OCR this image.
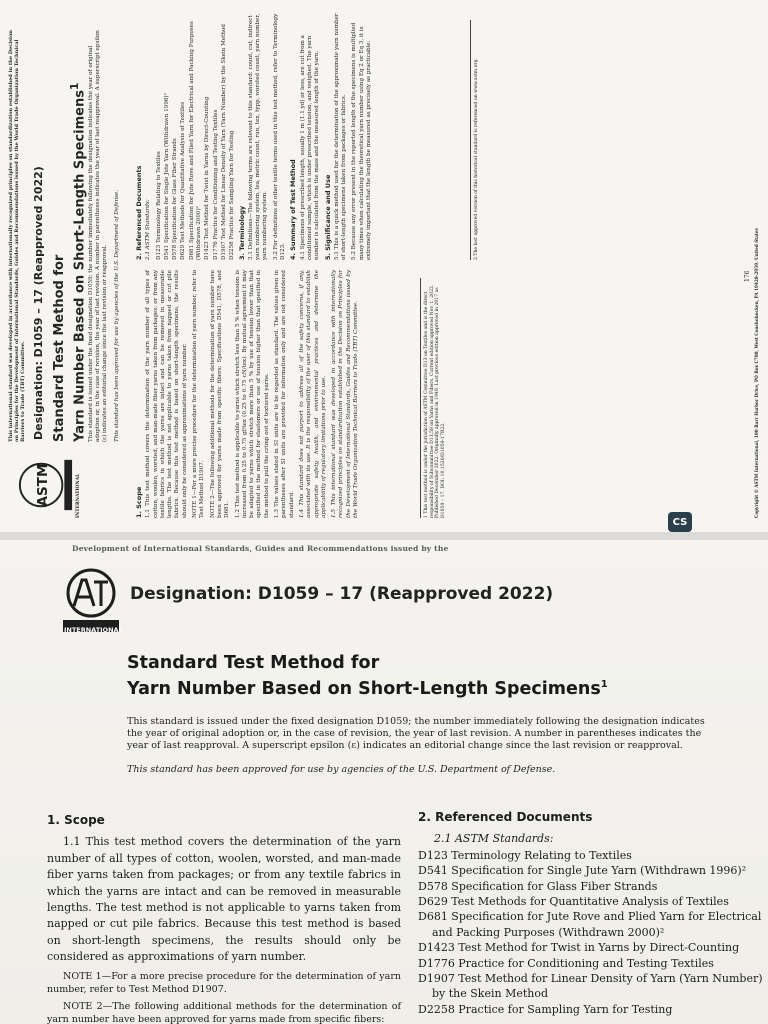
ASTM	INTERNATIONAL
This international standard was developed in accordance with internationally recognized principles on standardization established in the Decision on Principles for the Development of International Standards, Guides and Recommendations issued by the World Trade Organization Technical Barriers to Trade (TBT) Committee. Designation: D1059 – 17 (Reapproved 2022) Standard Test Method for Yarn Number Based on Short-Length Specimens$^1$	This standard is issued under the fixed designation D1059; the number immediately following the designation indicates the year of original adoption or, in the case of revision, the year of last revision. A number in parentheses indicates the year of last reapproval. A superscript epsilon (ε) indicates an editorial change since the last revision or reapproval. This standard has been approved for use by agencies of the U.S. Department of Defense.
1. Scope 1.1 This test method covers the determination of the yarn number of all types of cotton, woolen, worsted, and man-made fiber yarns taken from packages; or from any textile fabrics in which the yarns are intact and can be removed in measurable lengths. The test method is not applicable to yarns taken from napped or cut pile fabrics. Because this test method is based on short-length specimens, the results should only be considered as approximations of yarn number. NOTE 1—For a more precise procedure for the determination of yarn number, refer to Test Method D1907. NOTE 2—The following additional methods for the determination of yarn number have been approved for yarns made from specific fibers: Specifications D541, D578, and D681. 1.2 This test method is applicable to yarns which stretch less than 5 % when tension is increased from 0.25 to 0.75 gf/tex (0.25 to 0.75 cN/tex). By mutual agreement it may be adapted to yarns which stretch more than 5 % by use of tension lower than that specified in the method for elastomers or use of tension higher than that specified in the method to pull the crimp out of textured yarns. 1.3 The values stated in SI units are to be regarded as standard. The values given in parentheses after SI units are provided for information only and are not considered standard. 1.4 This standard does not purport to address all of the safety concerns, if any, associated with its use. It is the responsibility of the user of this standard to establish appropriate safety, health, and environmental practices and determine the applicability of regulatory limitations prior to use. 1.5 This international standard was developed in accordance with internationally recognized principles on standardization established in the Decision on Principles for the Development of International Standards, Guides and Recommendations issued by the World Trade Organization Technical Barriers to Trade (TBT) Committee.	1 This test method is under the jurisdiction of ASTM Committee D13 on Textiles and is the direct responsibility of Subcommittee D13.58 on Yarns and Fibers. Current edition approved Nov. 1, 2022. Published December 2022. Originally approved in 1949. Last previous edition approved in 2017 as D1059 – 17. DOI: 10.1520/D1059-17R22.
2. Referenced Documents 2.1 ASTM Standards: D123 Terminology Relating to Textiles D541 Specification for Single Jute Yarn (Withdrawn 1996)² D578 Specification for Glass Fiber Strands D629 Test Methods for Quantitative Analysis of Textiles D681 Specification for Jute Rove and Plied Yarn for Electrical and Packing Purposes (Withdrawn 2000)² D1423 Test Method for Twist in Yarns by Direct-Counting D1776 Practice for Conditioning and Testing Textiles D1907 Test Method for Linear Density of Yarn (Yarn Number) by the Skein Method D2258 Practice for Sampling Yarn for Testing 3. Terminology 3.1 Definitions—The following terms are relevant to this standard: count, cut, indirect yarn numbering system, lea, metric count, run, tex, typp, worsted count, yarn number, yarn numbering system. 3.2 For definitions of other textile terms used in this test method, refer to Terminology D123. 4. Summary of Test Method 4.1 Specimens of prescribed length, usually 1 m (1.1 yd) or less, are cut from a conditioned sample, which is under prescribed tension, and weighed. The yarn number is calculated from the mass and the measured length of the yarn. 5. Significance and Use 5.1 This is a quick method used for the determination of the approximate yarn number of short-length specimens taken from packages or fabrics. 5.2 Because any error present in the reported length of the specimens is multiplied many times when calculating the theoretical yarn number using Eq 2 or Eq 3, it is extremely important that the length be measured as precisely as practicable.	2 The last approved version of this historical standard is referenced on www.astm.org.
176 Copyright © ASTM International, 100 Barr Harbor Drive, PO Box C700, West Conshohocken, PA 19428-2959. United States
CS
Development of International Standards, Guides and Recommendations issued by the
INTERNATIONAL
Designation: D1059 – 17 (Reapproved 2022)
Standard Test Method for
Yarn Number Based on Short-Length Specimens$^1$
This standard is issued under the fixed designation D1059; the number immediately following the designation indicates the year of original adoption or, in the case of revision, the year of last revision. A number in parentheses indicates the year of last reapproval. A superscript epsilon (ε) indicates an editorial change since the last revision or reapproval.
This standard has been approved for use by agencies of the U.S. Department of Defense.
1. Scope

1.1 This test method covers the determination of the yarn number of all types of cotton, woolen, worsted, and man-made fiber yarns taken from packages; or from any textile fabrics in which the yarns are intact and can be removed in measurable lengths. The test method is not applicable to yarns taken from napped or cut pile fabrics. Because this test method is based on short-length specimens, the results should only be considered as approximations of yarn number.

NOTE 1—For a more precise procedure for the determination of yarn number, refer to Test Method D1907.

NOTE 2—The following additional methods for the determination of yarn number have been approved for yarns made from specific fibers:

2. Referenced Documents

2.1 ASTM Standards:

D123 Terminology Relating to Textiles

D541 Specification for Single Jute Yarn (Withdrawn 1996)²

D578 Specification for Glass Fiber Strands

D629 Test Methods for Quantitative Analysis of Textiles

D681 Specification for Jute Rove and Plied Yarn for Electrical and Packing Purposes (Withdrawn 2000)²

D1423 Test Method for Twist in Yarns by Direct-Counting

D1776 Practice for Conditioning and Testing Textiles

D1907 Test Method for Linear Density of Yarn (Yarn Number) by the Skein Method

D2258 Practice for Sampling Yarn for Testing
